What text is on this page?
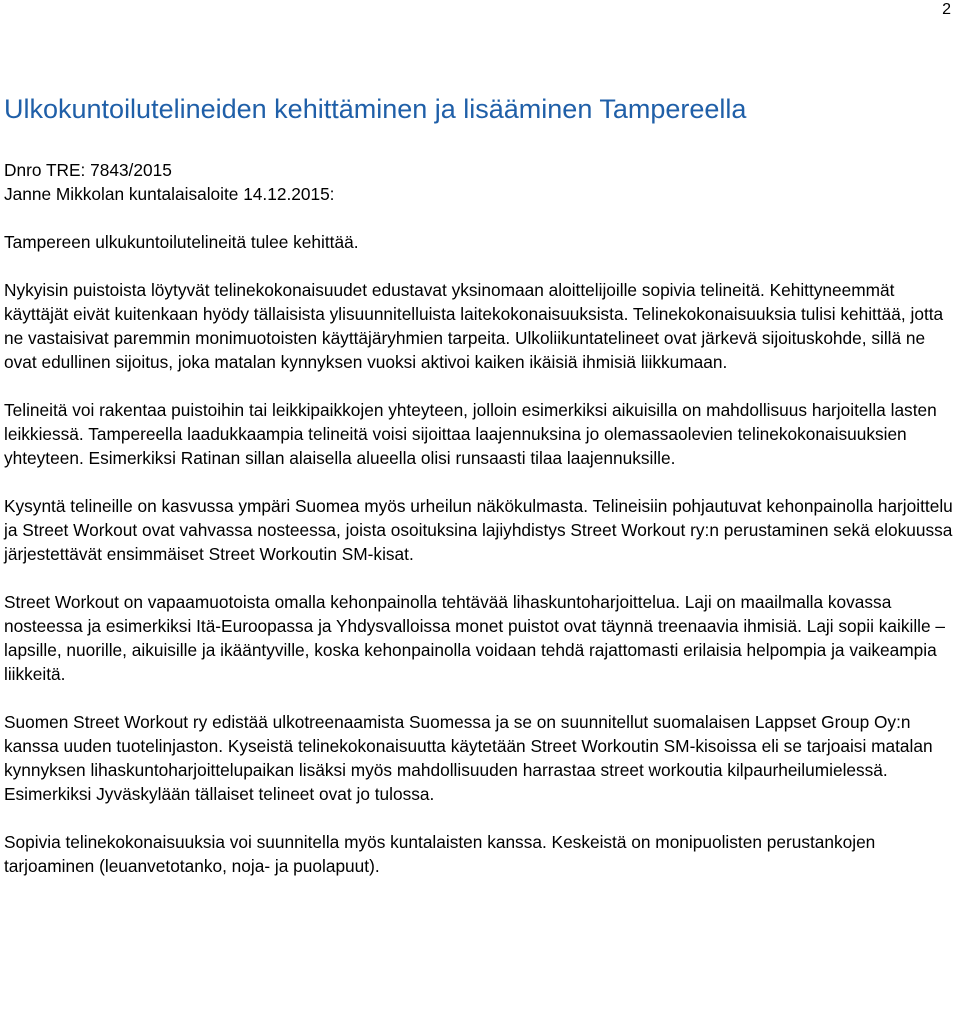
2
Ulkokuntoilutelineiden kehittäminen ja lisääminen Tampereella

Dnro TRE: 7843/2015

Janne Mikkolan kuntalaisaloite 14.12.2015:

Tampereen ulkukuntoilutelineitä tulee kehittää.

Nykyisin puistoista löytyvät telinekokonaisuudet edustavat yksinomaan aloittelijoille sopivia telineitä. Kehittyneemmät käyttäjät eivät kuitenkaan hyödy tällaisista ylisuunnitelluista laitekokonaisuuksista. Telinekokonaisuuksia tulisi kehittää, jotta ne vastaisivat paremmin monimuotoisten käyttäjäryhmien tarpeita. Ulkoliikuntatelineet ovat järkevä sijoituskohde, sillä ne ovat edullinen sijoitus, joka matalan kynnyksen vuoksi aktivoi kaiken ikäisiä ihmisiä liikkumaan.

Telineitä voi rakentaa puistoihin tai leikkipaikkojen yhteyteen, jolloin esimerkiksi aikuisilla on mahdollisuus harjoitella lasten leikkiessä. Tampereella laadukkaampia telineitä voisi sijoittaa laajennuksina jo olemassaolevien telinekokonaisuuksien yhteyteen. Esimerkiksi Ratinan sillan alaisella alueella olisi runsaasti tilaa laajennuksille.

Kysyntä telineille on kasvussa ympäri Suomea myös urheilun näkökulmasta. Telineisiin pohjautuvat kehonpainolla harjoittelu ja Street Workout ovat vahvassa nosteessa, joista osoituksina lajiyhdistys Street Workout ry:n perustaminen sekä elokuussa järjestettävät ensimmäiset Street Workoutin SM-kisat.

Street Workout on vapaamuotoista omalla kehonpainolla tehtävää lihaskuntoharjoittelua. Laji on maailmalla kovassa nosteessa ja esimerkiksi Itä-Euroopassa ja Yhdysvalloissa monet puistot ovat täynnä treenaavia ihmisiä. Laji sopii kaikille – lapsille, nuorille, aikuisille ja ikääntyville, koska kehonpainolla voidaan tehdä rajattomasti erilaisia helpompia ja vaikeampia liikkeitä.

Suomen Street Workout ry edistää ulkotreenaamista Suomessa ja se on suunnitellut suomalaisen Lappset Group Oy:n kanssa uuden tuotelinjaston. Kyseistä telinekokonaisuutta käytetään Street Workoutin SM-kisoissa eli se tarjoaisi matalan kynnyksen lihaskuntoharjoittelupaikan lisäksi myös mahdollisuuden harrastaa street workoutia kilpaurheilumielessä. Esimerkiksi Jyväskylään tällaiset telineet ovat jo tulossa.

Sopivia telinekokonaisuuksia voi suunnitella myös kuntalaisten kanssa. Keskeistä on monipuolisten perustankojen tarjoaminen (leuanvetotanko, noja- ja puolapuut).
